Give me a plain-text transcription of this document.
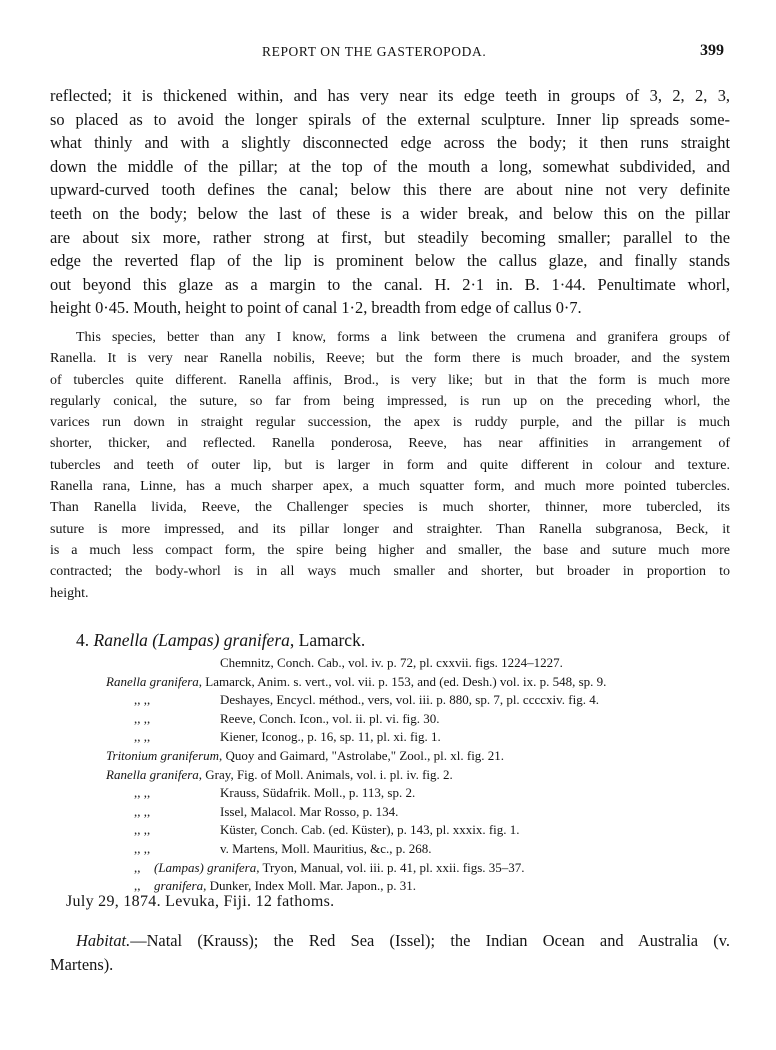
REPORT ON THE GASTEROPODA.	399
reflected; it is thickened within, and has very near its edge teeth in groups of 3, 2, 2, 3,
so placed as to avoid the longer spirals of the external sculpture. Inner lip spreads some-
what thinly and with a slightly disconnected edge across the body; it then runs straight
down the middle of the pillar; at the top of the mouth a long, somewhat subdivided, and
upward-curved tooth defines the canal; below this there are about nine not very definite
teeth on the body; below the last of these is a wider break, and below this on the pillar
are about six more, rather strong at first, but steadily becoming smaller; parallel to the
edge the reverted flap of the lip is prominent below the callus glaze, and finally stands
out beyond this glaze as a margin to the canal. H. 2·1 in. B. 1·44. Penultimate whorl,
height 0·45. Mouth, height to point of canal 1·2, breadth from edge of callus 0·7.
This species, better than any I know, forms a link between the crumena and granifera groups of
Ranella. It is very near Ranella nobilis, Reeve; but the form there is much broader, and the system
of tubercles quite different. Ranella affinis, Brod., is very like; but in that the form is much more
regularly conical, the suture, so far from being impressed, is run up on the preceding whorl, the
varices run down in straight regular succession, the apex is ruddy purple, and the pillar is much
shorter, thicker, and reflected. Ranella ponderosa, Reeve, has near affinities in arrangement of
tubercles and teeth of outer lip, but is larger in form and quite different in colour and texture.
Ranella rana, Linne, has a much sharper apex, a much squatter form, and much more pointed tubercles.
Than Ranella livida, Reeve, the Challenger species is much shorter, thinner, more tubercled, its
suture is more impressed, and its pillar longer and straighter. Than Ranella subgranosa, Beck, it
is a much less compact form, the spire being higher and smaller, the base and suture much more
contracted; the body-whorl is in all ways much smaller and shorter, but broader in proportion to
height.
4. Ranella (Lampas) granifera, Lamarck.
Chemnitz, Conch. Cab., vol. iv. p. 72, pl. cxxvii. figs. 1224–1227.
Ranella granifera, Lamarck, Anim. s. vert., vol. vii. p. 153, and (ed. Desh.) vol. ix. p. 548, sp. 9.
,, ,,	Deshayes, Encycl. méthod., vers, vol. iii. p. 880, sp. 7, pl. ccccxiv. fig. 4.
,, ,,	Reeve, Conch. Icon., vol. ii. pl. vi. fig. 30.
,, ,,	Kiener, Iconog., p. 16, sp. 11, pl. xi. fig. 1.
Tritonium graniferum, Quoy and Gaimard, "Astrolabe," Zool., pl. xl. fig. 21.
Ranella granifera, Gray, Fig. of Moll. Animals, vol. i. pl. iv. fig. 2.
,, ,,	Krauss, Südafrik. Moll., p. 113, sp. 2.
,, ,,	Issel, Malacol. Mar Rosso, p. 134.
,, ,,	Küster, Conch. Cab. (ed. Küster), p. 143, pl. xxxix. fig. 1.
,, ,,	v. Martens, Moll. Mauritius, &c., p. 268.
,, (Lampas) granifera, Tryon, Manual, vol. iii. p. 41, pl. xxii. figs. 35–37.
,, granifera, Dunker, Index Moll. Mar. Japon., p. 31.
July 29, 1874. Levuka, Fiji. 12 fathoms.
Habitat.—Natal (Krauss); the Red Sea (Issel); the Indian Ocean and Australia (v.
Martens).
